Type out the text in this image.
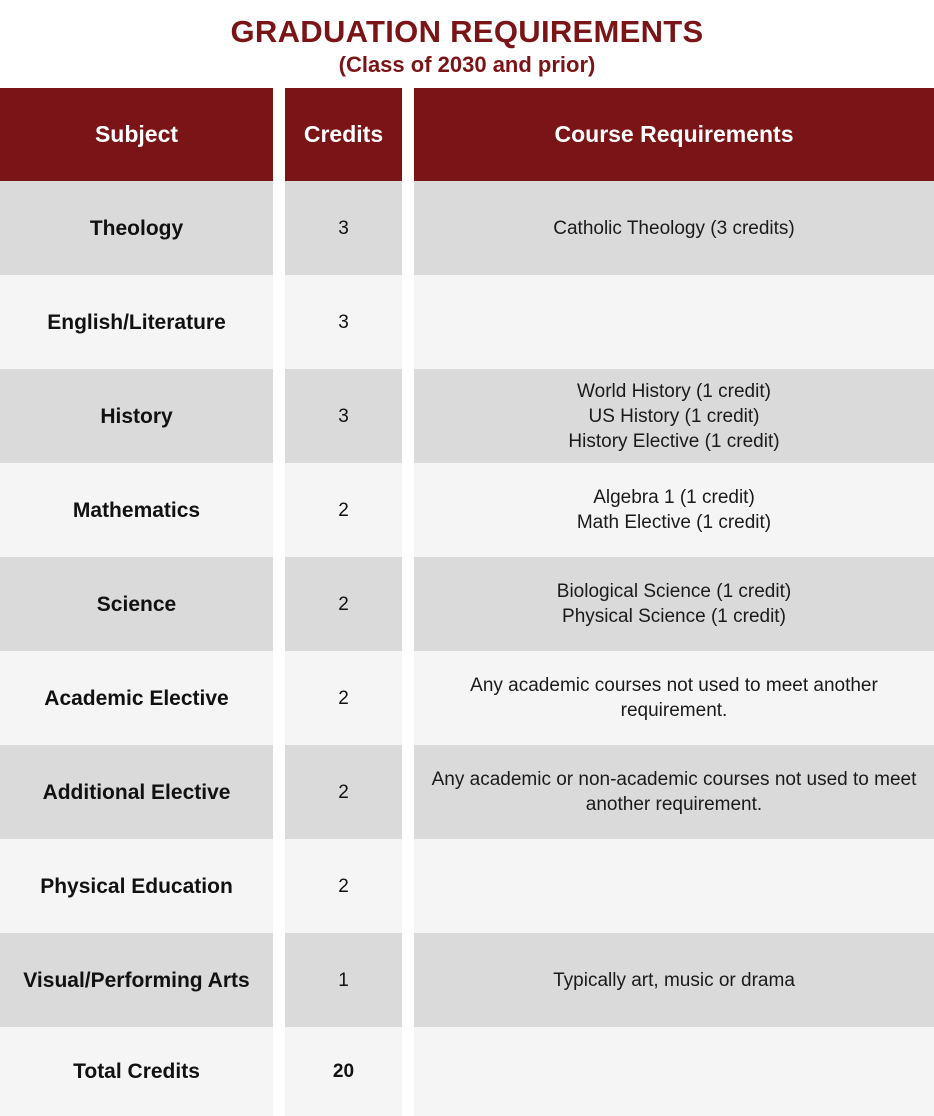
GRADUATION REQUIREMENTS
(Class of 2030 and prior)
Subject
Theology
English/Literature
History
Mathematics
Science
Academic Elective
Additional Elective
Physical Education
Visual/Performing Arts
Total Credits
Credits
3
3
3
2
2
2
2
2
1
20
Course Requirements
Catholic Theology (3 credits)
World History (1 credit)
US History (1 credit)
History Elective (1 credit)
Algebra 1 (1 credit)
Math Elective (1 credit)
Biological Science (1 credit)
Physical Science (1 credit)
Any academic courses not used to meet another requirement.
Any academic or non-academic courses not used to meet another requirement.
Typically art, music or drama
